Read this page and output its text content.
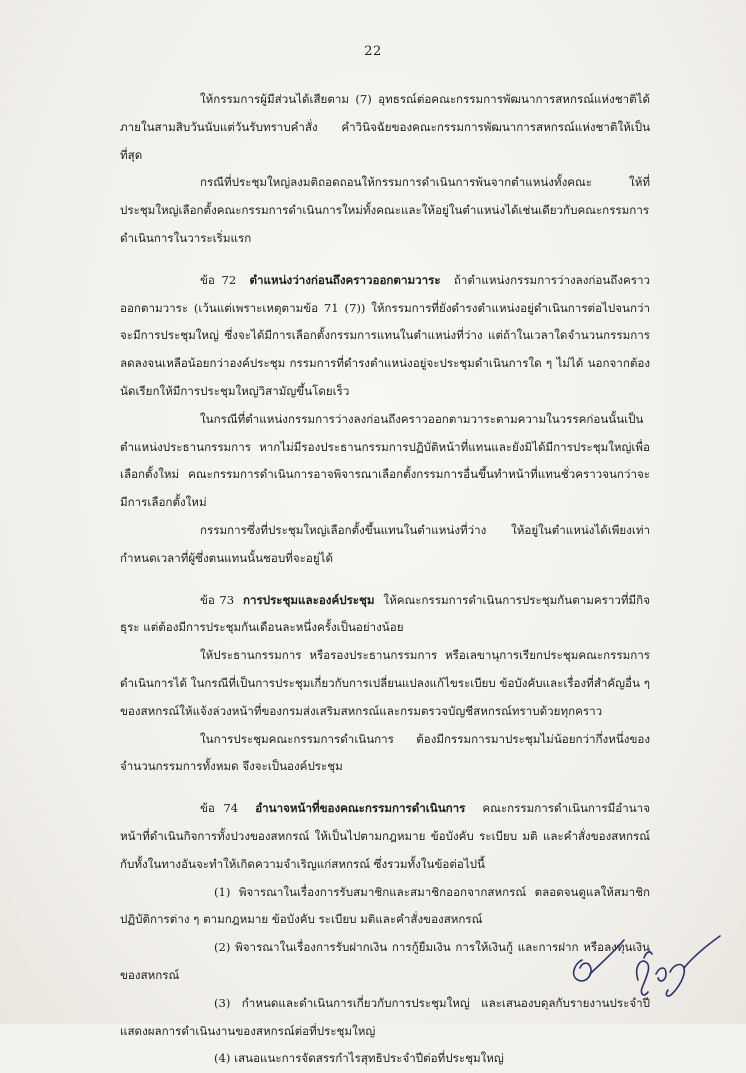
22

ให้กรรมการผู้มีส่วนได้เสียตาม (7) อุทธรณ์ต่อคณะกรรมการพัฒนาการสหกรณ์แห่งชาติได้ภายในสามสิบวันนับแต่วันรับทราบคำสั่ง คำวินิจฉัยของคณะกรรมการพัฒนาการสหกรณ์แห่งชาติให้เป็นที่สุด

กรณีที่ประชุมใหญ่ลงมติถอดถอนให้กรรมการดำเนินการพ้นจากตำแหน่งทั้งคณะ ให้ที่ประชุมใหญ่เลือกตั้งคณะกรรมการดำเนินการใหม่ทั้งคณะและให้อยู่ในตำแหน่งได้เช่นเดียวกับคณะกรรมการดำเนินการในวาระเริ่มแรก

ข้อ 72 ตำแหน่งว่างก่อนถึงคราวออกตามวาระ ถ้าตำแหน่งกรรมการว่างลงก่อนถึงคราวออกตามวาระ (เว้นแต่เพราะเหตุตามข้อ 71 (7)) ให้กรรมการที่ยังดำรงตำแหน่งอยู่ดำเนินการต่อไปจนกว่าจะมีการประชุมใหญ่ ซึ่งจะได้มีการเลือกตั้งกรรมการแทนในตำแหน่งที่ว่าง แต่ถ้าในเวลาใดจำนวนกรรมการลดลงจนเหลือน้อยกว่าองค์ประชุม กรรมการที่ดำรงตำแหน่งอยู่จะประชุมดำเนินการใด ๆ ไม่ได้ นอกจากต้องนัดเรียกให้มีการประชุมใหญ่วิสามัญขึ้นโดยเร็ว

ในกรณีที่ตำแหน่งกรรมการว่างลงก่อนถึงคราวออกตามวาระตามความในวรรคก่อนนั้นเป็นตำแหน่งประธานกรรมการ หากไม่มีรองประธานกรรมการปฏิบัติหน้าที่แทนและยังมิได้มีการประชุมใหญ่เพื่อเลือกตั้งใหม่ คณะกรรมการดำเนินการอาจพิจารณาเลือกตั้งกรรมการอื่นขึ้นทำหน้าที่แทนชั่วคราวจนกว่าจะมีการเลือกตั้งใหม่

กรรมการซึ่งที่ประชุมใหญ่เลือกตั้งขึ้นแทนในตำแหน่งที่ว่าง ให้อยู่ในตำแหน่งได้เพียงเท่ากำหนดเวลาที่ผู้ซึ่งตนแทนนั้นชอบที่จะอยู่ได้

ข้อ 73 การประชุมและองค์ประชุม ให้คณะกรรมการดำเนินการประชุมกันตามคราวที่มีกิจธุระ แต่ต้องมีการประชุมกันเดือนละหนึ่งครั้งเป็นอย่างน้อย

ให้ประธานกรรมการ หรือรองประธานกรรมการ หรือเลขานุการเรียกประชุมคณะกรรมการดำเนินการได้ ในกรณีที่เป็นการประชุมเกี่ยวกับการเปลี่ยนแปลงแก้ไขระเบียบ ข้อบังคับและเรื่องที่สำคัญอื่น ๆ ของสหกรณ์ให้แจ้งล่วงหน้าที่ของกรมส่งเสริมสหกรณ์และกรมตรวจบัญชีสหกรณ์ทราบด้วยทุกคราว

ในการประชุมคณะกรรมการดำเนินการ ต้องมีกรรมการมาประชุมไม่น้อยกว่ากึ่งหนึ่งของจำนวนกรรมการทั้งหมด จึงจะเป็นองค์ประชุม

ข้อ 74 อำนาจหน้าที่ของคณะกรรมการดำเนินการ คณะกรรมการดำเนินการมีอำนาจหน้าที่ดำเนินกิจการทั้งปวงของสหกรณ์ ให้เป็นไปตามกฎหมาย ข้อบังคับ ระเบียบ มติ และคำสั่งของสหกรณ์ กับทั้งในทางอันจะทำให้เกิดความจำเริญแก่สหกรณ์ ซึ่งรวมทั้งในข้อต่อไปนี้

(1) พิจารณาในเรื่องการรับสมาชิกและสมาชิกออกจากสหกรณ์ ตลอดจนดูแลให้สมาชิกปฏิบัติการต่าง ๆ ตามกฎหมาย ข้อบังคับ ระเบียบ มติและคำสั่งของสหกรณ์

(2) พิจารณาในเรื่องการรับฝากเงิน การกู้ยืมเงิน การให้เงินกู้ และการฝาก หรือลงทุนเงินของสหกรณ์

(3) กำหนดและดำเนินการเกี่ยวกับการประชุมใหญ่ และเสนองบดุลกับรายงานประจำปีแสดงผลการดำเนินงานของสหกรณ์ต่อที่ประชุมใหญ่

(4) เสนอแนะการจัดสรรกำไรสุทธิประจำปีต่อที่ประชุมใหญ่
